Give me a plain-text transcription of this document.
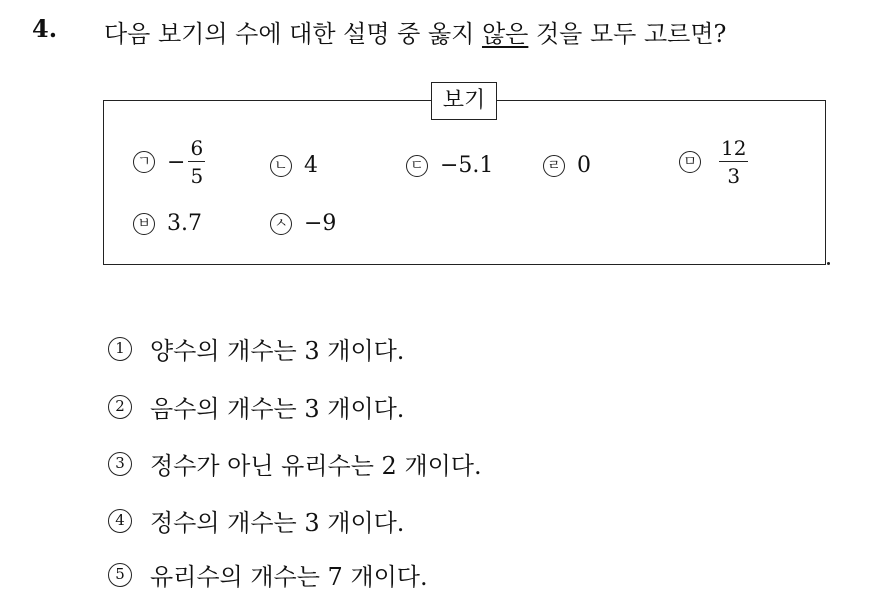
4. 다음 보기의 수에 대한 설명 중 옳지 않은 것을 모두 고르면?
보기
ㄱ − $\frac{6}{5}$	ㄴ 4	ㄷ −5.1	ㄹ 0	ㅁ $\frac{12}{3}$
ㅂ 3.7	ㅅ −9
1	양수의 개수는 3 개이다.
2	음수의 개수는 3 개이다.
3	정수가 아닌 유리수는 2 개이다.
4	정수의 개수는 3 개이다.
5	유리수의 개수는 7 개이다.
